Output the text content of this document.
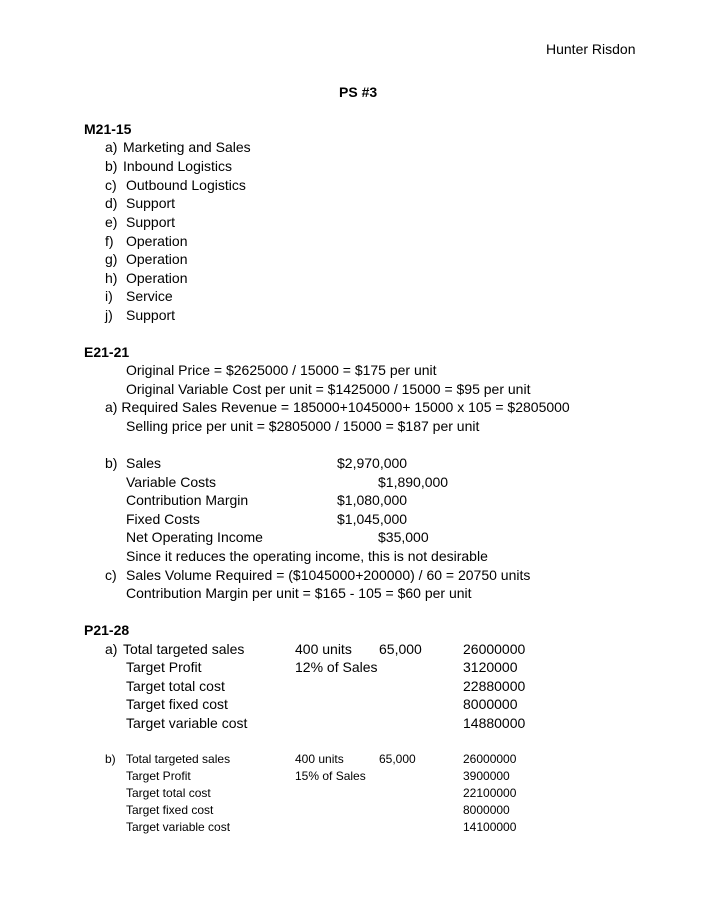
Hunter Risdon
PS #3
M21-15
a) Marketing and Sales
b) Inbound Logistics
c) Outbound Logistics
d) Support
e) Support
f) Operation
g) Operation
h) Operation
i) Service
j) Support
E21-21
Original Price = $2625000 / 15000 = $175 per unit
Original Variable Cost per unit = $1425000 / 15000 = $95 per unit
a) Required Sales Revenue = 185000+1045000+ 15000 x 105 = $2805000
Selling price per unit = $2805000 / 15000 = $187 per unit
b) Sales	$2,970,000
Variable Costs	$1,890,000
Contribution Margin	$1,080,000
Fixed Costs	$1,045,000
Net Operating Income	$35,000
Since it reduces the operating income, this is not desirable
c) Sales Volume Required = ($1045000+200000) / 60 = 20750 units
Contribution Margin per unit = $165 - 105 = $60 per unit
P21-28
a) Total targeted sales	400 units 65,000	26000000
Target Profit	12% of Sales	3120000
Target total cost	22880000
Target fixed cost	8000000
Target variable cost	14880000
b) Total targeted sales	400 units	65,000	26000000
Target Profit	15% of Sales	3900000
Target total cost	22100000
Target fixed cost	8000000
Target variable cost	14100000
